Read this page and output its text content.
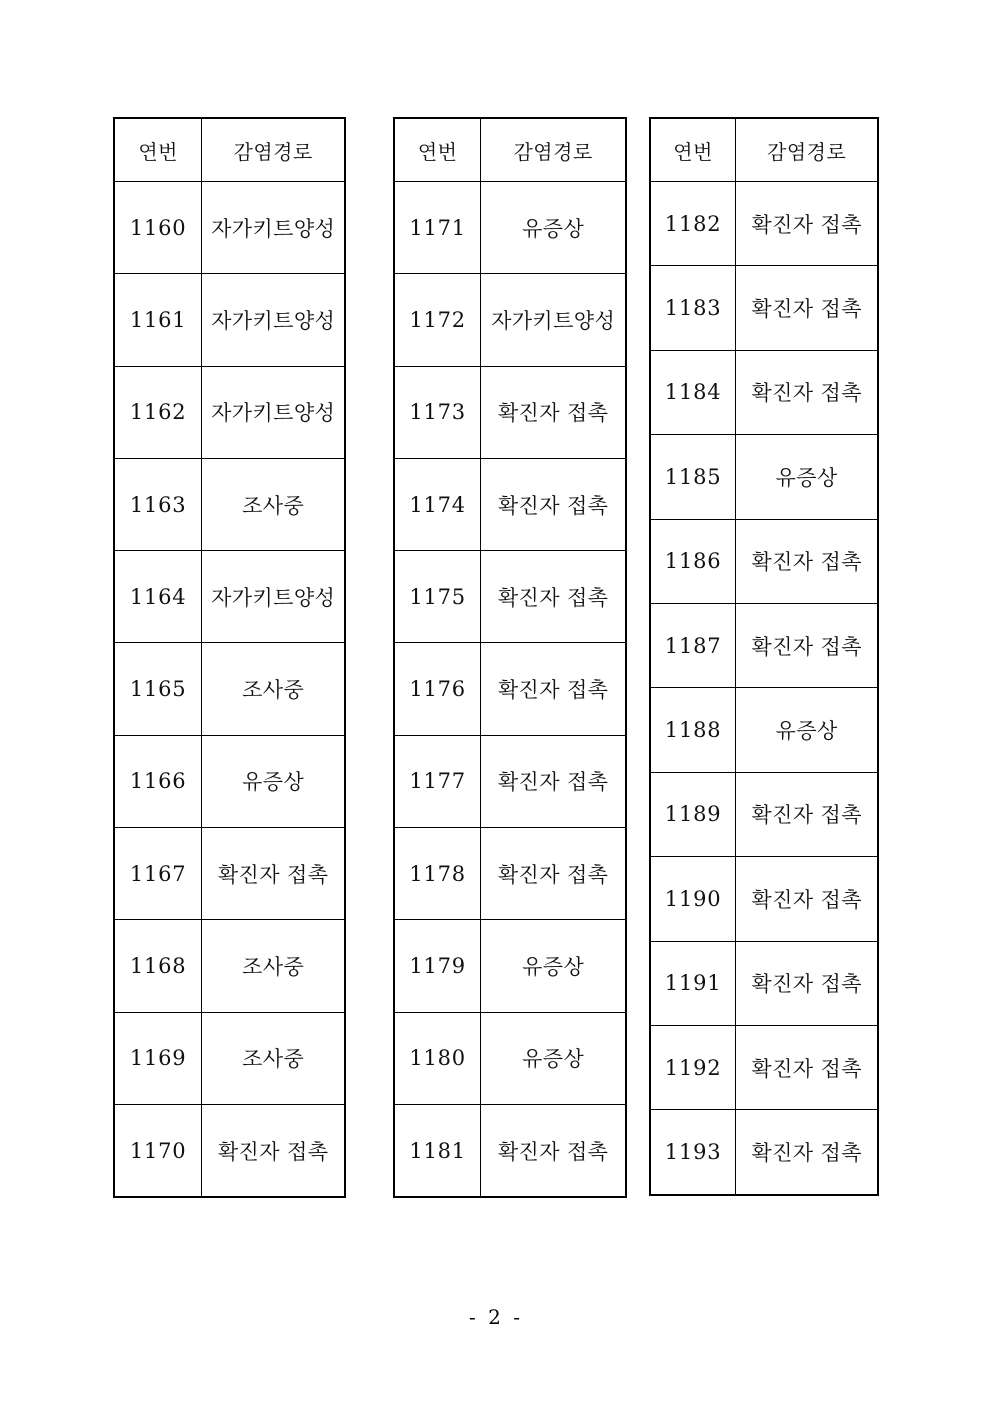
연번	감염경로
1160	자가키트양성
1161	자가키트양성
1162	자가키트양성
1163	조사중
1164	자가키트양성
1165	조사중
1166	유증상
1167	확진자 접촉
1168	조사중
1169	조사중
1170	확진자 접촉
연번	감염경로
1171	유증상
1172	자가키트양성
1173	확진자 접촉
1174	확진자 접촉
1175	확진자 접촉
1176	확진자 접촉
1177	확진자 접촉
1178	확진자 접촉
1179	유증상
1180	유증상
1181	확진자 접촉
연번	감염경로
1182	확진자 접촉
1183	확진자 접촉
1184	확진자 접촉
1185	유증상
1186	확진자 접촉
1187	확진자 접촉
1188	유증상
1189	확진자 접촉
1190	확진자 접촉
1191	확진자 접촉
1192	확진자 접촉
1193	확진자 접촉
- 2 -
